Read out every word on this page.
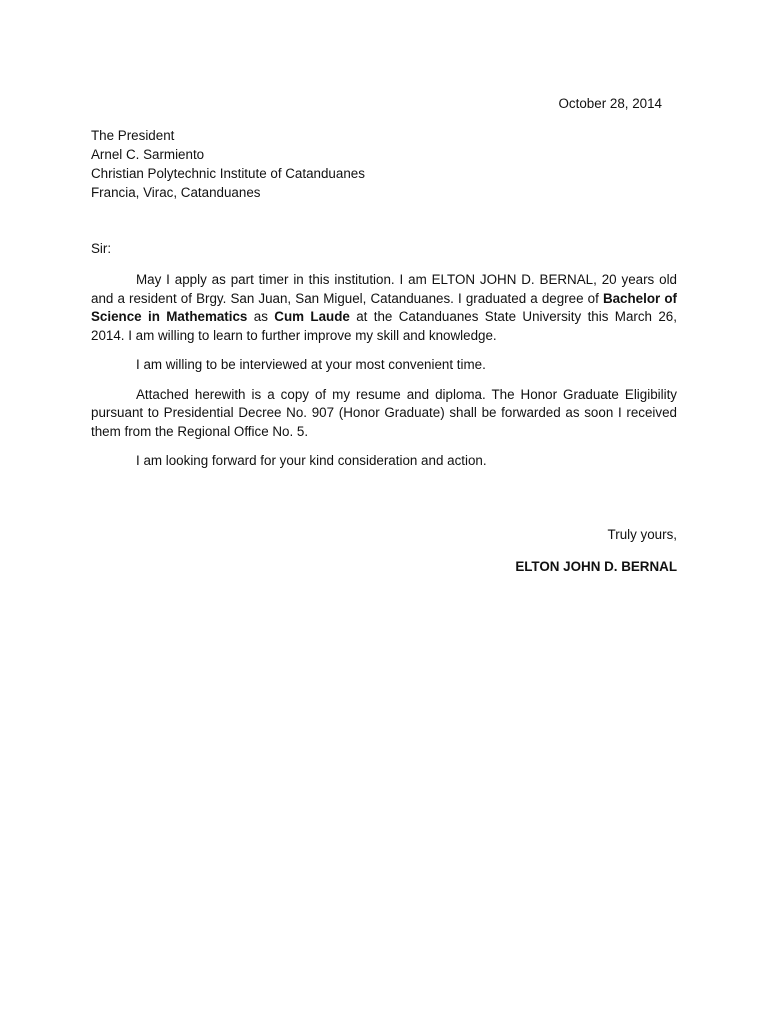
October 28, 2014
The President
Arnel C. Sarmiento
Christian Polytechnic Institute of Catanduanes
Francia, Virac, Catanduanes
Sir:

May I apply as part timer in this institution. I am ELTON JOHN D. BERNAL, 20 years old and a resident of Brgy. San Juan, San Miguel, Catanduanes. I graduated a degree of Bachelor of Science in Mathematics as Cum Laude at the Catanduanes State University this March 26, 2014. I am willing to learn to further improve my skill and knowledge.

I am willing to be interviewed at your most convenient time.

Attached herewith is a copy of my resume and diploma. The Honor Graduate Eligibility pursuant to Presidential Decree No. 907 (Honor Graduate) shall be forwarded as soon I received them from the Regional Office No. 5.

I am looking forward for your kind consideration and action.

Truly yours,
ELTON JOHN D. BERNAL
